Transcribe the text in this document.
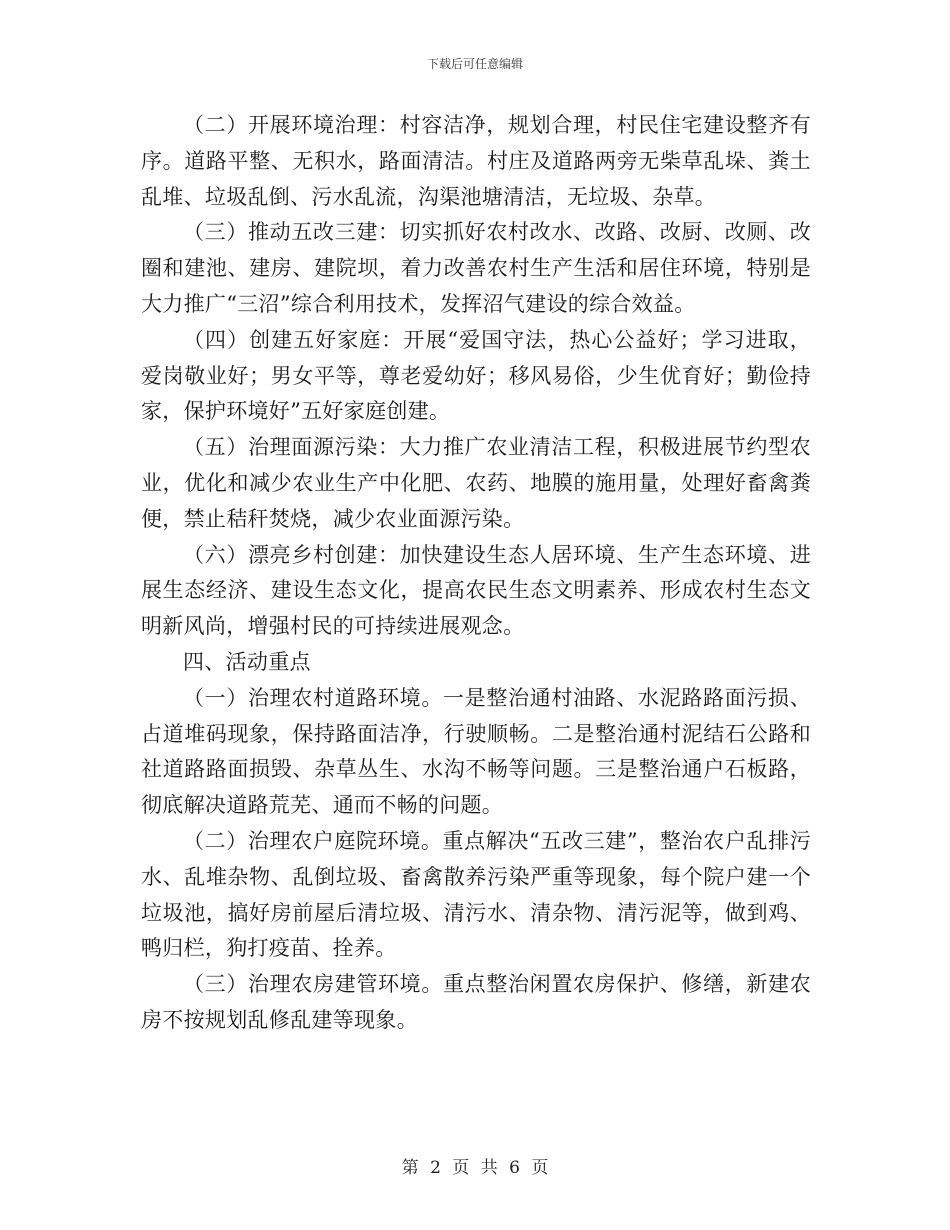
下载后可任意编辑

（二）开展环境治理：村容洁净，规划合理，村民住宅建设整齐有序。道路平整、无积水，路面清洁。村庄及道路两旁无柴草乱垛、粪土乱堆、垃圾乱倒、污水乱流，沟渠池塘清洁，无垃圾、杂草。

（三）推动五改三建：切实抓好农村改水、改路、改厨、改厕、改圈和建池、建房、建院坝，着力改善农村生产生活和居住环境，特别是大力推广“三沼”综合利用技术，发挥沼气建设的综合效益。

（四）创建五好家庭：开展“爱国守法，热心公益好；学习进取，爱岗敬业好；男女平等，尊老爱幼好；移风易俗，少生优育好；勤俭持家，保护环境好”五好家庭创建。

（五）治理面源污染：大力推广农业清洁工程，积极进展节约型农业，优化和减少农业生产中化肥、农药、地膜的施用量，处理好畜禽粪便，禁止秸秆焚烧，减少农业面源污染。

（六）漂亮乡村创建：加快建设生态人居环境、生产生态环境、进展生态经济、建设生态文化，提高农民生态文明素养、形成农村生态文明新风尚，增强村民的可持续进展观念。

四、活动重点

（一）治理农村道路环境。一是整治通村油路、水泥路路面污损、占道堆码现象，保持路面洁净，行驶顺畅。二是整治通村泥结石公路和社道路路面损毁、杂草丛生、水沟不畅等问题。三是整治通户石板路，彻底解决道路荒芜、通而不畅的问题。

（二）治理农户庭院环境。重点解决“五改三建”，整治农户乱排污水、乱堆杂物、乱倒垃圾、畜禽散养污染严重等现象，每个院户建一个垃圾池，搞好房前屋后清垃圾、清污水、清杂物、清污泥等，做到鸡、鸭归栏，狗打疫苗、拴养。

（三）治理农房建管环境。重点整治闲置农房保护、修缮，新建农房不按规划乱修乱建等现象。

第 2 页 共 6 页
